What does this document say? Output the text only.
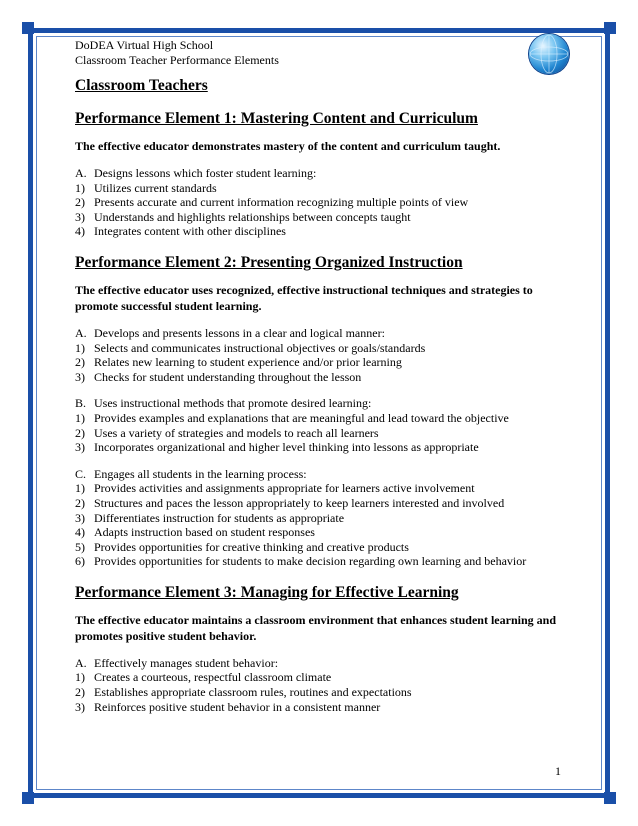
DoDEA Virtual High School
Classroom Teacher Performance Elements
Classroom Teachers
Performance Element 1: Mastering Content and Curriculum
The effective educator demonstrates mastery of the content and curriculum taught.
A. Designs lessons which foster student learning:
1) Utilizes current standards
2) Presents accurate and current information recognizing multiple points of view
3) Understands and highlights relationships between concepts taught
4) Integrates content with other disciplines
Performance Element 2: Presenting Organized Instruction
The effective educator uses recognized, effective instructional techniques and strategies to promote successful student learning.
A. Develops and presents lessons in a clear and logical manner:
1) Selects and communicates instructional objectives or goals/standards
2) Relates new learning to student experience and/or prior learning
3) Checks for student understanding throughout the lesson
B. Uses instructional methods that promote desired learning:
1) Provides examples and explanations that are meaningful and lead toward the objective
2) Uses a variety of strategies and models to reach all learners
3) Incorporates organizational and higher level thinking into lessons as appropriate
C. Engages all students in the learning process:
1) Provides activities and assignments appropriate for learners active involvement
2) Structures and paces the lesson appropriately to keep learners interested and involved
3) Differentiates instruction for students as appropriate
4) Adapts instruction based on student responses
5) Provides opportunities for creative thinking and creative products
6) Provides opportunities for students to make decision regarding own learning and behavior
Performance Element 3: Managing for Effective Learning
The effective educator maintains a classroom environment that enhances student learning and promotes positive student behavior.
A. Effectively manages student behavior:
1) Creates a courteous, respectful classroom climate
2) Establishes appropriate classroom rules, routines and expectations
3) Reinforces positive student behavior in a consistent manner
1
